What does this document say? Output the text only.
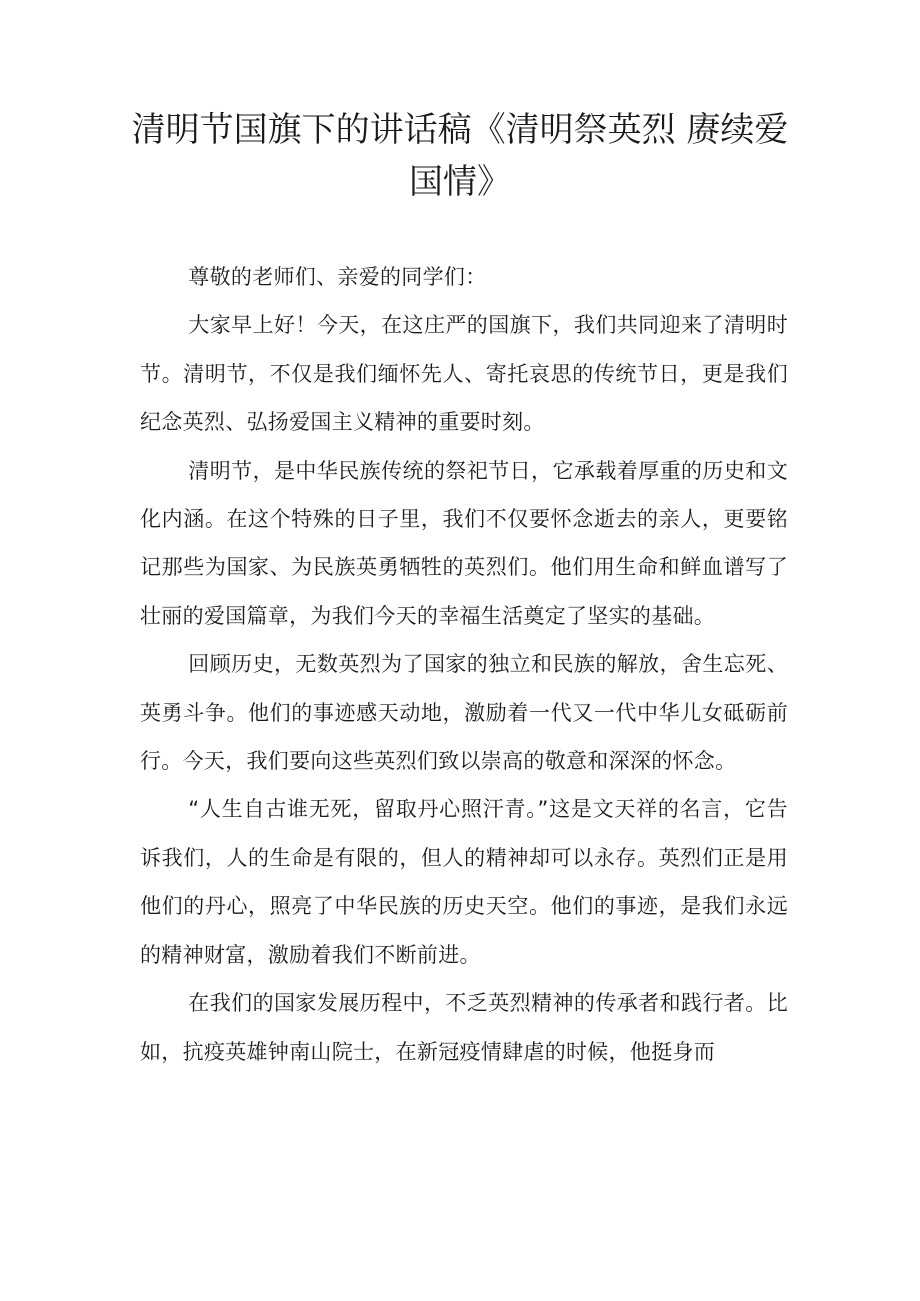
清明节国旗下的讲话稿《清明祭英烈 赓续爱国情》

尊敬的老师们、亲爱的同学们：

大家早上好！今天，在这庄严的国旗下，我们共同迎来了清明时节。清明节，不仅是我们缅怀先人、寄托哀思的传统节日，更是我们纪念英烈、弘扬爱国主义精神的重要时刻。

清明节，是中华民族传统的祭祀节日，它承载着厚重的历史和文化内涵。在这个特殊的日子里，我们不仅要怀念逝去的亲人，更要铭记那些为国家、为民族英勇牺牲的英烈们。他们用生命和鲜血谱写了壮丽的爱国篇章，为我们今天的幸福生活奠定了坚实的基础。

回顾历史，无数英烈为了国家的独立和民族的解放，舍生忘死、英勇斗争。他们的事迹感天动地，激励着一代又一代中华儿女砥砺前行。今天，我们要向这些英烈们致以崇高的敬意和深深的怀念。

“人生自古谁无死，留取丹心照汗青。”这是文天祥的名言，它告诉我们，人的生命是有限的，但人的精神却可以永存。英烈们正是用他们的丹心，照亮了中华民族的历史天空。他们的事迹，是我们永远的精神财富，激励着我们不断前进。

在我们的国家发展历程中，不乏英烈精神的传承者和践行者。比如，抗疫英雄钟南山院士，在新冠疫情肆虐的时候，他挺身而
